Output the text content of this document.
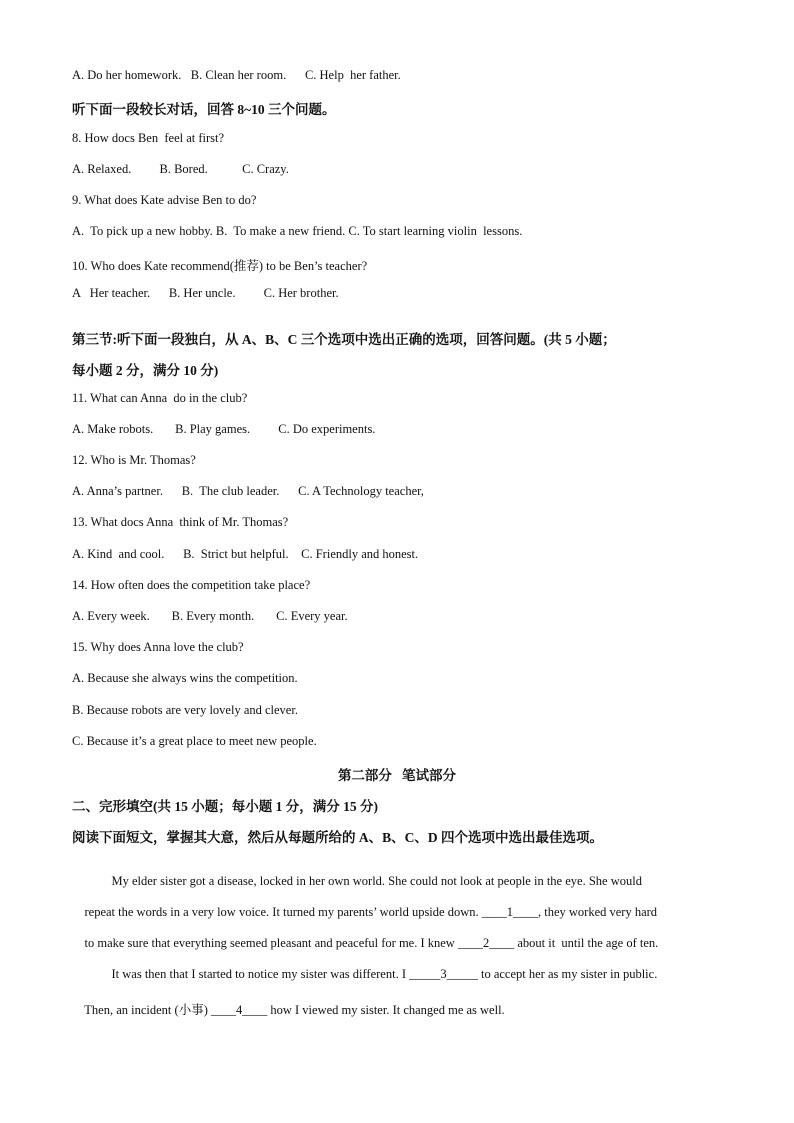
A. Do her homework.   B. Clean her room.      C. Help  her father.
听下面一段较长对话，回答 8~10 三个问题。
8. How docs Ben  feel at first?
A. Relaxed.         B. Bored.           C. Crazy.
9. What does Kate advise Ben to do?
A.  To pick up a new hobby. B.  To make a new friend. C. To start learning violin  lessons.
10. Who does Kate recommend(推荐) to be Ben’s teacher?
A   Her teacher.      B. Her uncle.         C. Her brother.
第三节:听下面一段独白，从 A、B、C 三个选项中选出正确的选项，回答问题。(共 5 小题；
每小题 2 分，满分 10 分)
11. What can Anna  do in the club?
A. Make robots.       B. Play games.         C. Do experiments.
12. Who is Mr. Thomas?
A. Anna’s partner.      B.  The club leader.      C. A Technology teacher,
13. What docs Anna  think of Mr. Thomas?
A. Kind  and cool.      B.  Strict but helpful.    C. Friendly and honest.
14. How often does the competition take place?
A. Every week.       B. Every month.       C. Every year.
15. Why does Anna love the club?
A. Because she always wins the competition.
B. Because robots are very lovely and clever.
C. Because it’s a great place to meet new people.
第二部分   笔试部分
二、完形填空(共 15 小题；每小题 1 分，满分 15 分)
阅读下面短文，掌握其大意，然后从每题所给的 A、B、C、D 四个选项中选出最佳选项。

My elder sister got a disease, locked in her own world. She could not look at people in the eye. She would

repeat the words in a very low voice. It turned my parents’ world upside down. ____1____, they worked very hard

to make sure that everything seemed pleasant and peaceful for me. I knew ____2____ about it  until the age of ten.

It was then that I started to notice my sister was different. I _____3_____ to accept her as my sister in public.

Then, an incident (小事) ____4____ how I viewed my sister. It changed me as well.
